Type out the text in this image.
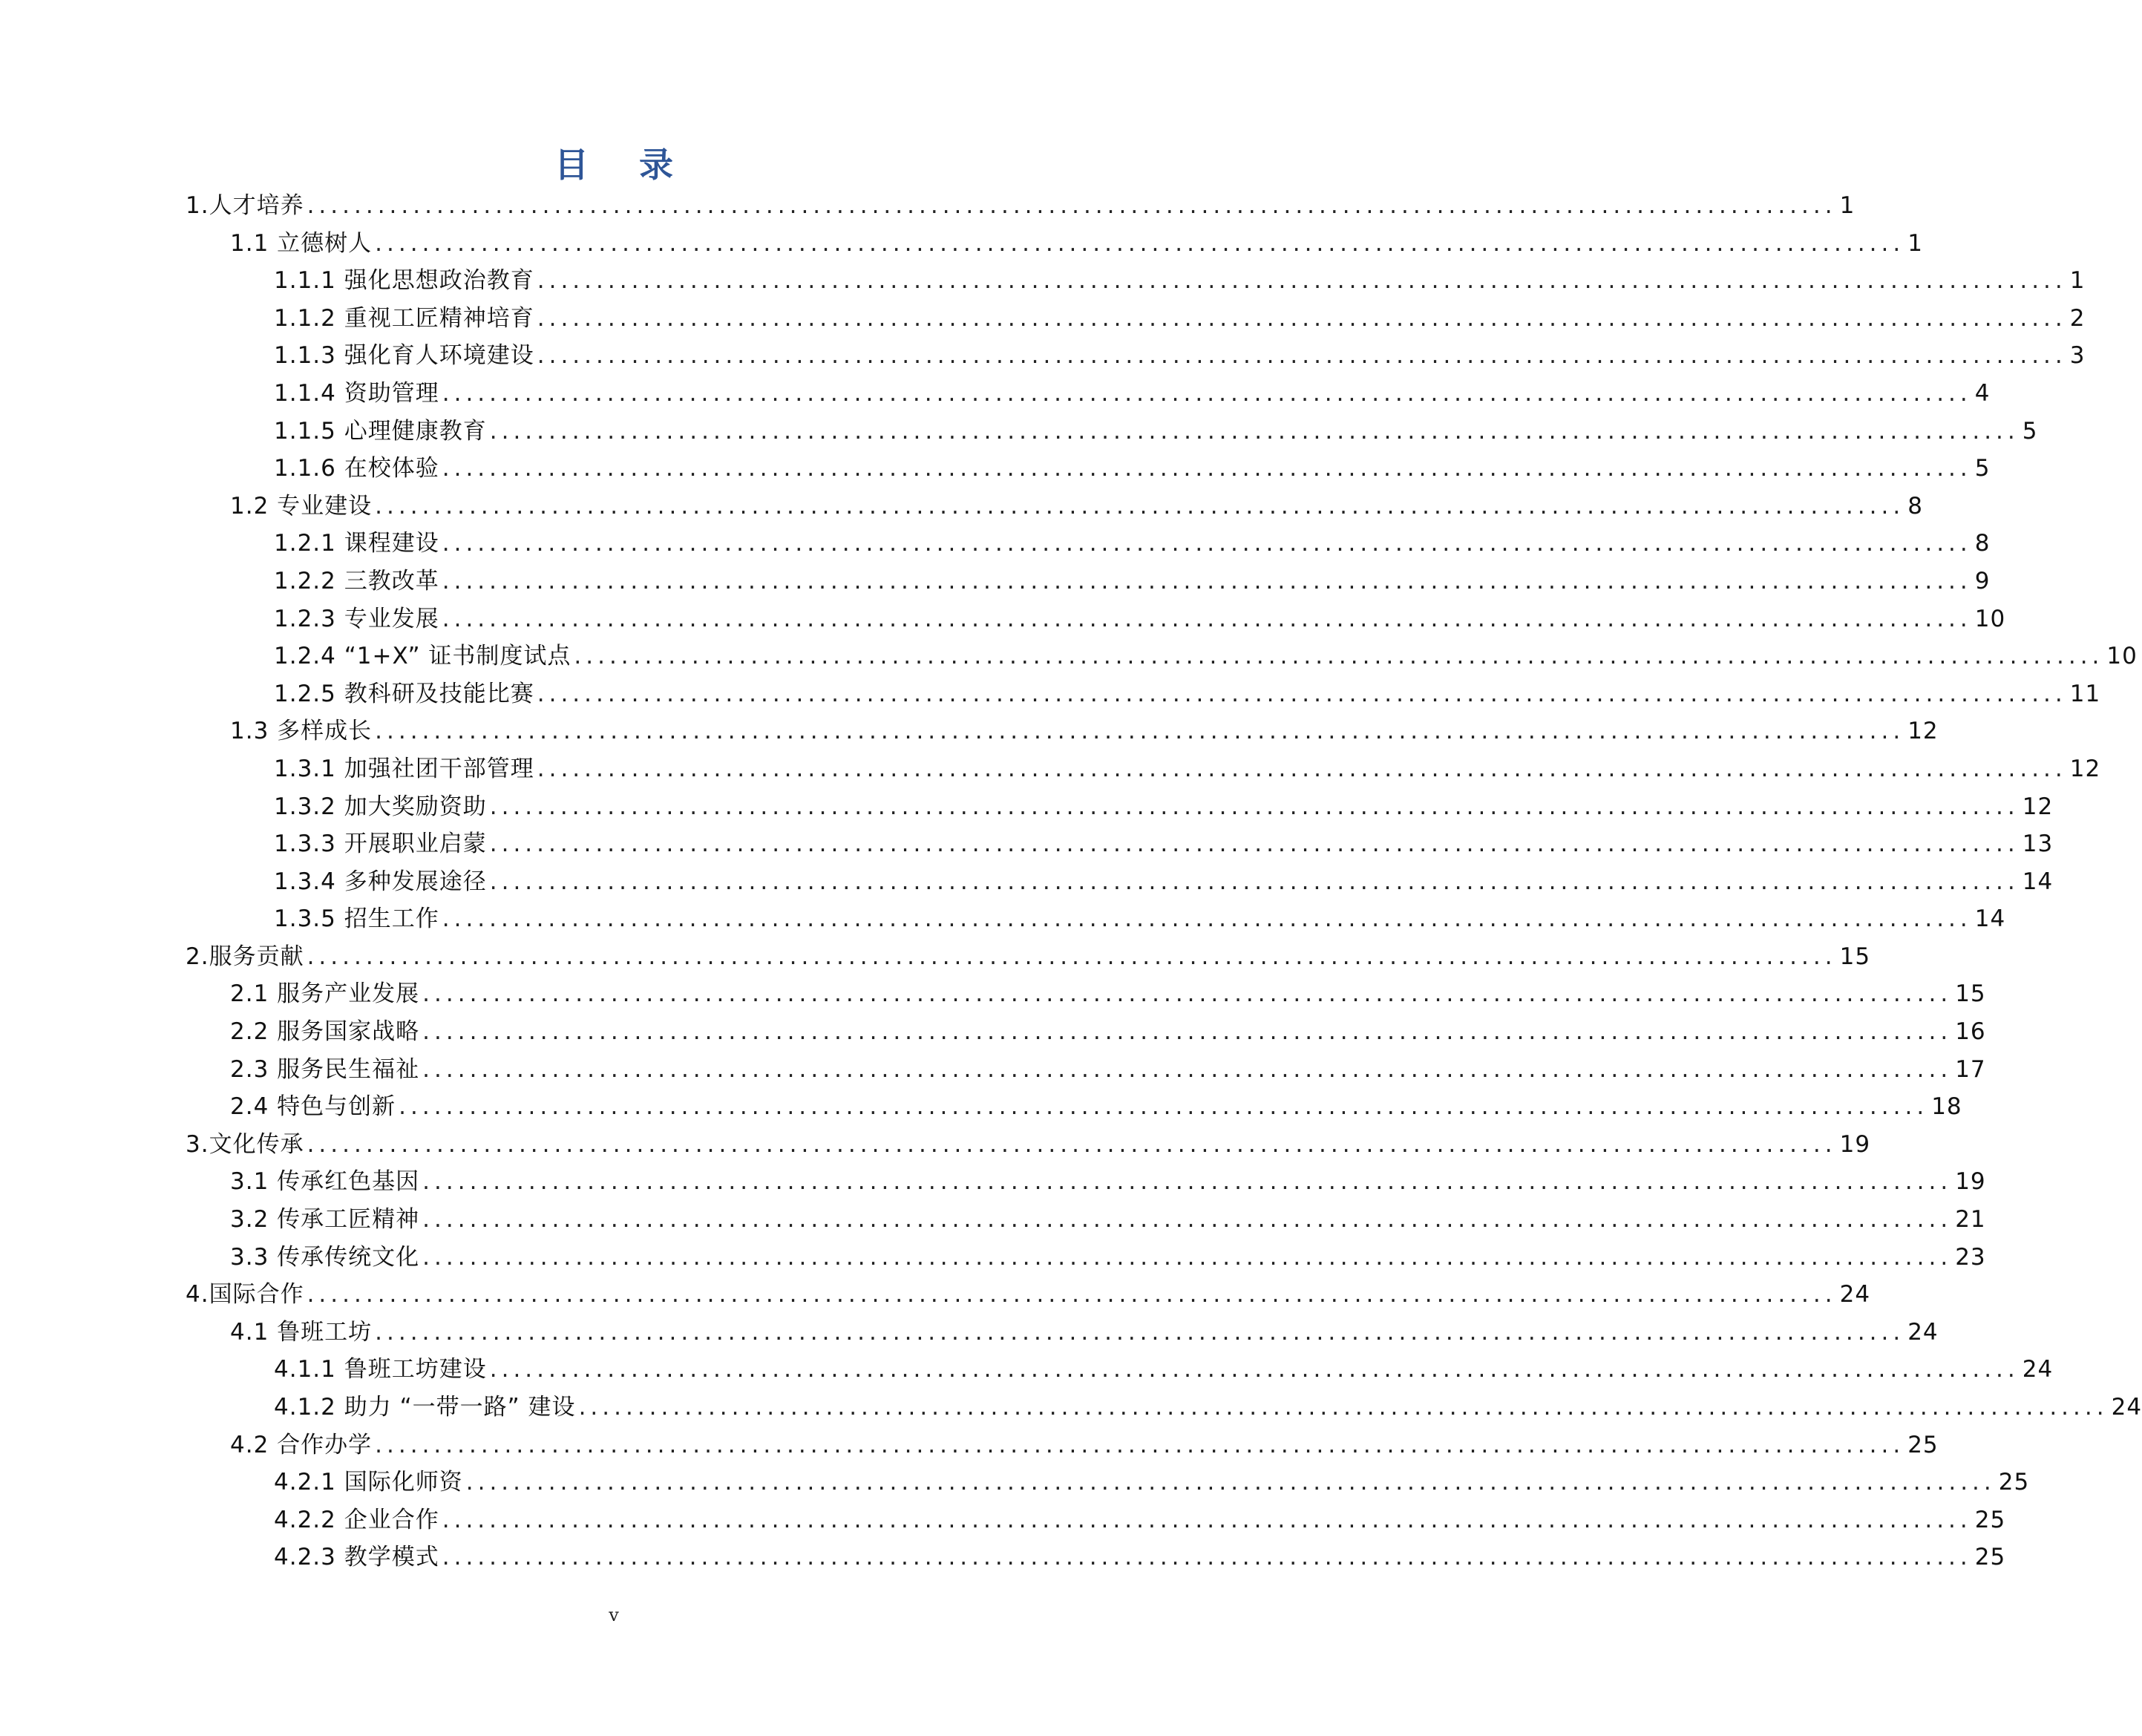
目 录
1.人才培养 .................................................................................................................................. 1
1.1 立德树人 .................................................................................................................................. 1
1.1.1 强化思想政治教育 .................................................................................................................................. 1
1.1.2 重视工匠精神培育 .................................................................................................................................. 2
1.1.3 强化育人环境建设 .................................................................................................................................. 3
1.1.4 资助管理 .................................................................................................................................. 4
1.1.5 心理健康教育 .................................................................................................................................. 5
1.1.6 在校体验 .................................................................................................................................. 5
1.2 专业建设 .................................................................................................................................. 8
1.2.1 课程建设 .................................................................................................................................. 8
1.2.2 三教改革 .................................................................................................................................. 9
1.2.3 专业发展 .................................................................................................................................. 10
1.2.4 “1+X” 证书制度试点 .................................................................................................................................. 10
1.2.5 教科研及技能比赛 .................................................................................................................................. 11
1.3 多样成长 .................................................................................................................................. 12
1.3.1 加强社团干部管理 .................................................................................................................................. 12
1.3.2 加大奖励资助 .................................................................................................................................. 12
1.3.3 开展职业启蒙 .................................................................................................................................. 13
1.3.4 多种发展途径 .................................................................................................................................. 14
1.3.5 招生工作 .................................................................................................................................. 14
2.服务贡献 .................................................................................................................................. 15
2.1 服务产业发展 .................................................................................................................................. 15
2.2 服务国家战略 .................................................................................................................................. 16
2.3 服务民生福祉 .................................................................................................................................. 17
2.4 特色与创新 .................................................................................................................................. 18
3.文化传承 .................................................................................................................................. 19
3.1 传承红色基因 .................................................................................................................................. 19
3.2 传承工匠精神 .................................................................................................................................. 21
3.3 传承传统文化 .................................................................................................................................. 23
4.国际合作 .................................................................................................................................. 24
4.1 鲁班工坊 .................................................................................................................................. 24
4.1.1 鲁班工坊建设 .................................................................................................................................. 24
4.1.2 助力 “一带一路” 建设 .................................................................................................................................. 24
4.2 合作办学 .................................................................................................................................. 25
4.2.1 国际化师资 .................................................................................................................................. 25
4.2.2 企业合作 .................................................................................................................................. 25
4.2.3 教学模式 .................................................................................................................................. 25
v
